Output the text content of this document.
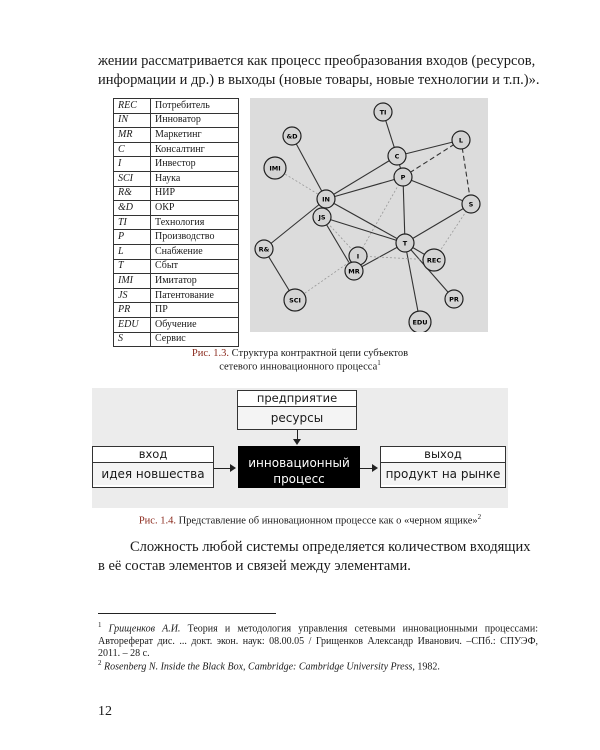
жении рассматривается как процесс преобразования входов (ресурсов,
информации и др.) в выходы (новые товары, новые технологии и т.п.)».
REC	Потребитель
IN	Инноватор
MR	Маркетинг
C	Консалтинг
I	Инвестор
SCI	Наука
R&	НИР
&D	ОКР
TI	Технология
P	Производство
L	Снабжение
T	Сбыт
IMI	Имитатор
JS	Патентование
PR	ПР
EDU	Обучение
S	Сервис
TI
&D	L
IMI
C
P
IN
S
JS
T
R&
I	REC
MR
SCI	PR
EDU
Рис. 1.3. Структура контрактной цепи субъектов
сетевого инновационного процесса$^1$
предприятие
ресурсы
вход
идея новшества
инновационный
процесс
выход
продукт на рынке
Рис. 1.4. Представление об инновационном процессе как о «черном ящике»$^2$
Сложность любой системы определяется количеством входящих
в её состав элементов и связей между элементами.
$^1$ Грищенков А.И. Теория и методология управления сетевыми инновационными процессами: Автореферат дис. ... докт. экон. наук: 08.00.05 / Грищенков Александр Иванович. –СПб.: СПУЭФ, 2011. – 28 с.
$^2$ Rosenberg N. Inside the Black Box, Cambridge: Cambridge University Press, 1982.
12
